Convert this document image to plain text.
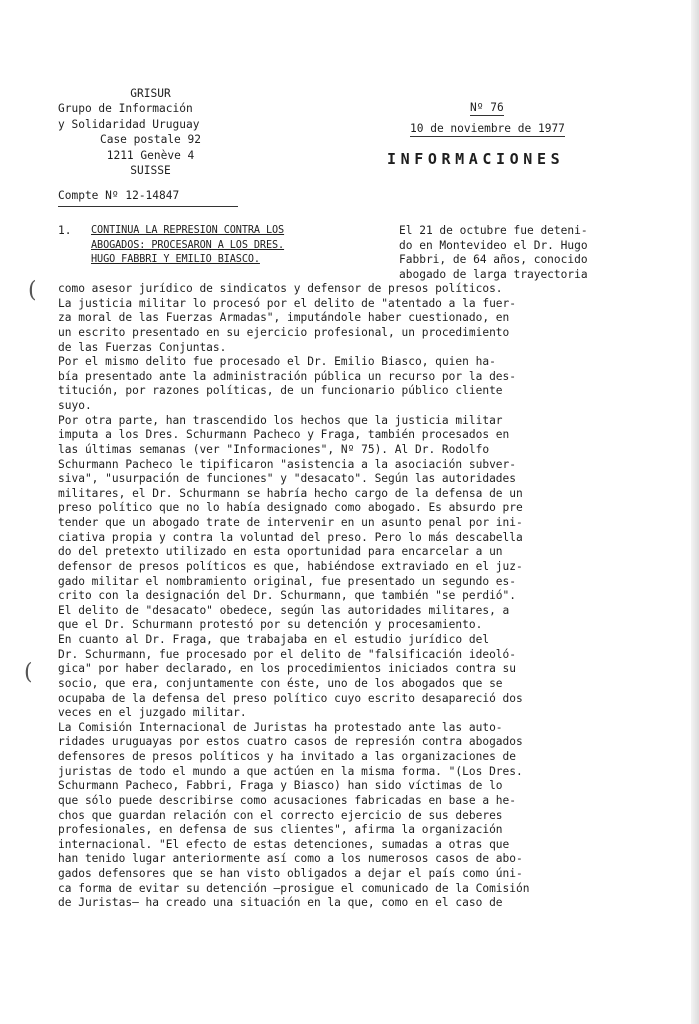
GRISUR
Grupo de Información
y Solidaridad Uruguay
Case postale 92
1211 Genève 4
SUISSE
Compte Nº 12-14847
Nº 76
10 de noviembre de 1977
INFORMACIONES
1. CONTINUA LA REPRESION CONTRA LOS
ABOGADOS: PROCESARON A LOS DRES.
HUGO FABBRI Y EMILIO BIASCO.
El 21 de octubre fue deteni-
do en Montevideo el Dr. Hugo
Fabbri, de 64 años, conocido
abogado de larga trayectoria
(
(
como asesor jurídico de sindicatos y defensor de presos políticos.
La justicia militar lo procesó por el delito de "atentado a la fuer-
za moral de las Fuerzas Armadas", imputándole haber cuestionado, en
un escrito presentado en su ejercicio profesional, un procedimiento
de las Fuerzas Conjuntas.
Por el mismo delito fue procesado el Dr. Emilio Biasco, quien ha-
bía presentado ante la administración pública un recurso por la des-
titución, por razones políticas, de un funcionario público cliente
suyo.
Por otra parte, han trascendido los hechos que la justicia militar
imputa a los Dres. Schurmann Pacheco y Fraga, también procesados en
las últimas semanas (ver "Informaciones", Nº 75). Al Dr. Rodolfo
Schurmann Pacheco le tipificaron "asistencia a la asociación subver-
siva", "usurpación de funciones" y "desacato". Según las autoridades
militares, el Dr. Schurmann se habría hecho cargo de la defensa de un
preso político que no lo había designado como abogado. Es absurdo pre
tender que un abogado trate de intervenir en un asunto penal por ini-
ciativa propia y contra la voluntad del preso. Pero lo más descabella
do del pretexto utilizado en esta oportunidad para encarcelar a un
defensor de presos políticos es que, habiéndose extraviado en el juz-
gado militar el nombramiento original, fue presentado un segundo es-
crito con la designación del Dr. Schurmann, que también "se perdió".
El delito de "desacato" obedece, según las autoridades militares, a
que el Dr. Schurmann protestó por su detención y procesamiento.
En cuanto al Dr. Fraga, que trabajaba en el estudio jurídico del
Dr. Schurmann, fue procesado por el delito de "falsificación ideoló-
gica" por haber declarado, en los procedimientos iniciados contra su
socio, que era, conjuntamente con éste, uno de los abogados que se
ocupaba de la defensa del preso político cuyo escrito desapareció dos
veces en el juzgado militar.
La Comisión Internacional de Juristas ha protestado ante las auto-
ridades uruguayas por estos cuatro casos de represión contra abogados
defensores de presos políticos y ha invitado a las organizaciones de
juristas de todo el mundo a que actúen en la misma forma. "(Los Dres.
Schurmann Pacheco, Fabbri, Fraga y Biasco) han sido víctimas de lo
que sólo puede describirse como acusaciones fabricadas en base a he-
chos que guardan relación con el correcto ejercicio de sus deberes
profesionales, en defensa de sus clientes", afirma la organización
internacional. "El efecto de estas detenciones, sumadas a otras que
han tenido lugar anteriormente así como a los numerosos casos de abo-
gados defensores que se han visto obligados a dejar el país como úni-
ca forma de evitar su detención —prosigue el comunicado de la Comisión
de Juristas— ha creado una situación en la que, como en el caso de
